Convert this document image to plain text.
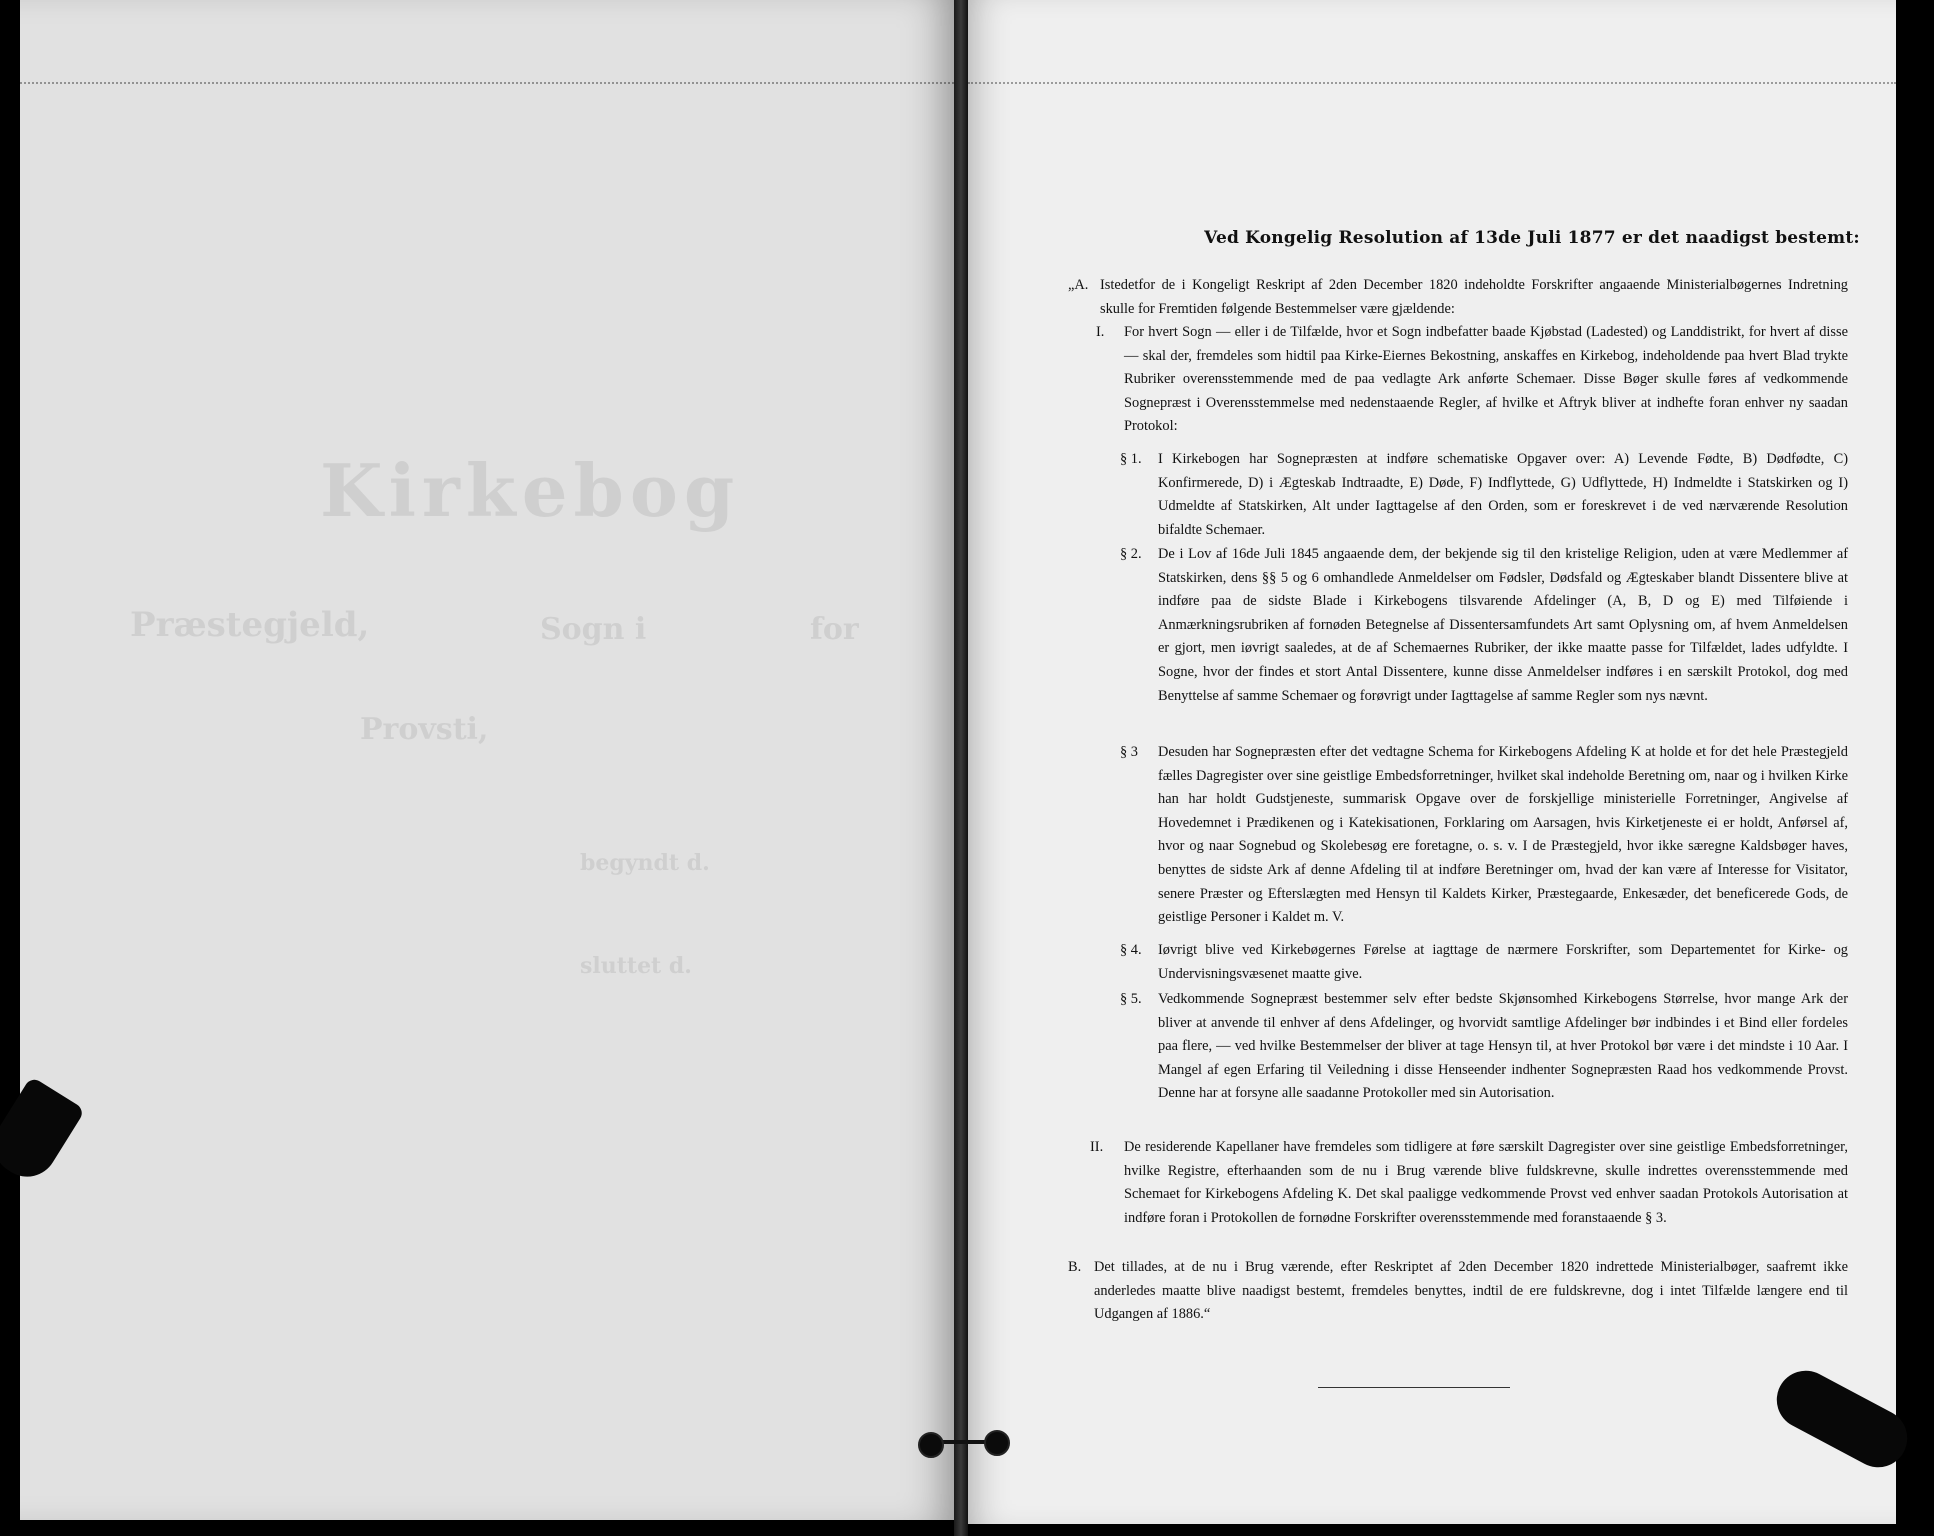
Kirkebog
for
Sogn i
Præstegjeld,
Provsti,
begyndt d.
sluttet d.
Ved Kongelig Resolution af 13de Juli 1877 er det naadigst bestemt:
„A. Istedetfor de i Kongeligt Reskript af 2den December 1820 indeholdte Forskrifter angaaende Ministerialbøgernes Indretning skulle for Fremtiden følgende Bestemmelser være gjældende:

I. For hvert Sogn — eller i de Tilfælde, hvor et Sogn indbefatter baade Kjøbstad (Ladested) og Landdistrikt, for hvert af disse — skal der, fremdeles som hidtil paa Kirke-Eiernes Bekostning, anskaffes en Kirkebog, indeholdende paa hvert Blad trykte Rubriker overensstemmende med de paa vedlagte Ark anførte Schemaer. Disse Bøger skulle føres af vedkommende Sognepræst i Overensstemmelse med nedenstaaende Regler, af hvilke et Aftryk bliver at indhefte foran enhver ny saadan Protokol:

§ 1. I Kirkebogen har Sognepræsten at indføre schematiske Opgaver over: A) Levende Fødte, B) Dødfødte, C) Konfirmerede, D) i Ægteskab Indtraadte, E) Døde, F) Indflyttede, G) Udflyttede, H) Indmeldte i Statskirken og I) Udmeldte af Statskirken, Alt under Iagttagelse af den Orden, som er foreskrevet i de ved nærværende Resolution bifaldte Schemaer.

§ 2. De i Lov af 16de Juli 1845 angaaende dem, der bekjende sig til den kristelige Religion, uden at være Medlemmer af Statskirken, dens §§ 5 og 6 omhandlede Anmeldelser om Fødsler, Dødsfald og Ægteskaber blandt Dissentere blive at indføre paa de sidste Blade i Kirkebogens tilsvarende Afdelinger (A, B, D og E) med Tilføiende i Anmærkningsrubriken af fornøden Betegnelse af Dissentersamfundets Art samt Oplysning om, af hvem Anmeldelsen er gjort, men iøvrigt saaledes, at de af Schemaernes Rubriker, der ikke maatte passe for Tilfældet, lades udfyldte. I Sogne, hvor der findes et stort Antal Dissentere, kunne disse Anmeldelser indføres i en særskilt Protokol, dog med Benyttelse af samme Schemaer og forøvrigt under Iagttagelse af samme Regler som nys nævnt.

§ 3 Desuden har Sognepræsten efter det vedtagne Schema for Kirkebogens Afdeling K at holde et for det hele Præstegjeld fælles Dagregister over sine geistlige Embedsforretninger, hvilket skal indeholde Beretning om, naar og i hvilken Kirke han har holdt Gudstjeneste, summarisk Opgave over de forskjellige ministerielle Forretninger, Angivelse af Hovedemnet i Prædikenen og i Katekisationen, Forklaring om Aarsagen, hvis Kirketjeneste ei er holdt, Anførsel af, hvor og naar Sognebud og Skolebesøg ere foretagne, o. s. v. I de Præstegjeld, hvor ikke særegne Kaldsbøger haves, benyttes de sidste Ark af denne Afdeling til at indføre Beretninger om, hvad der kan være af Interesse for Visitator, senere Præster og Efterslægten med Hensyn til Kaldets Kirker, Præstegaarde, Enkesæder, det beneficerede Gods, de geistlige Personer i Kaldet m. V.

§ 4. Iøvrigt blive ved Kirkebøgernes Førelse at iagttage de nærmere Forskrifter, som Departementet for Kirke- og Undervisningsvæsenet maatte give.

§ 5. Vedkommende Sognepræst bestemmer selv efter bedste Skjønsomhed Kirkebogens Størrelse, hvor mange Ark der bliver at anvende til enhver af dens Afdelinger, og hvorvidt samtlige Afdelinger bør indbindes i et Bind eller fordeles paa flere, — ved hvilke Bestemmelser der bliver at tage Hensyn til, at hver Protokol bør være i det mindste i 10 Aar. I Mangel af egen Erfaring til Veiledning i disse Henseender indhenter Sognepræsten Raad hos vedkommende Provst. Denne har at forsyne alle saadanne Protokoller med sin Autorisation.

II. De residerende Kapellaner have fremdeles som tidligere at føre særskilt Dagregister over sine geistlige Embedsforretninger, hvilke Registre, efterhaanden som de nu i Brug værende blive fuldskrevne, skulle indrettes overensstemmende med Schemaet for Kirkebogens Afdeling K. Det skal paaligge vedkommende Provst ved enhver saadan Protokols Autorisation at indføre foran i Protokollen de fornødne Forskrifter overensstemmende med foranstaaende § 3.

B. Det tillades, at de nu i Brug værende, efter Reskriptet af 2den December 1820 indrettede Ministerialbøger, saafremt ikke anderledes maatte blive naadigst bestemt, fremdeles benyttes, indtil de ere fuldskrevne, dog i intet Tilfælde længere end til Udgangen af 1886.“
